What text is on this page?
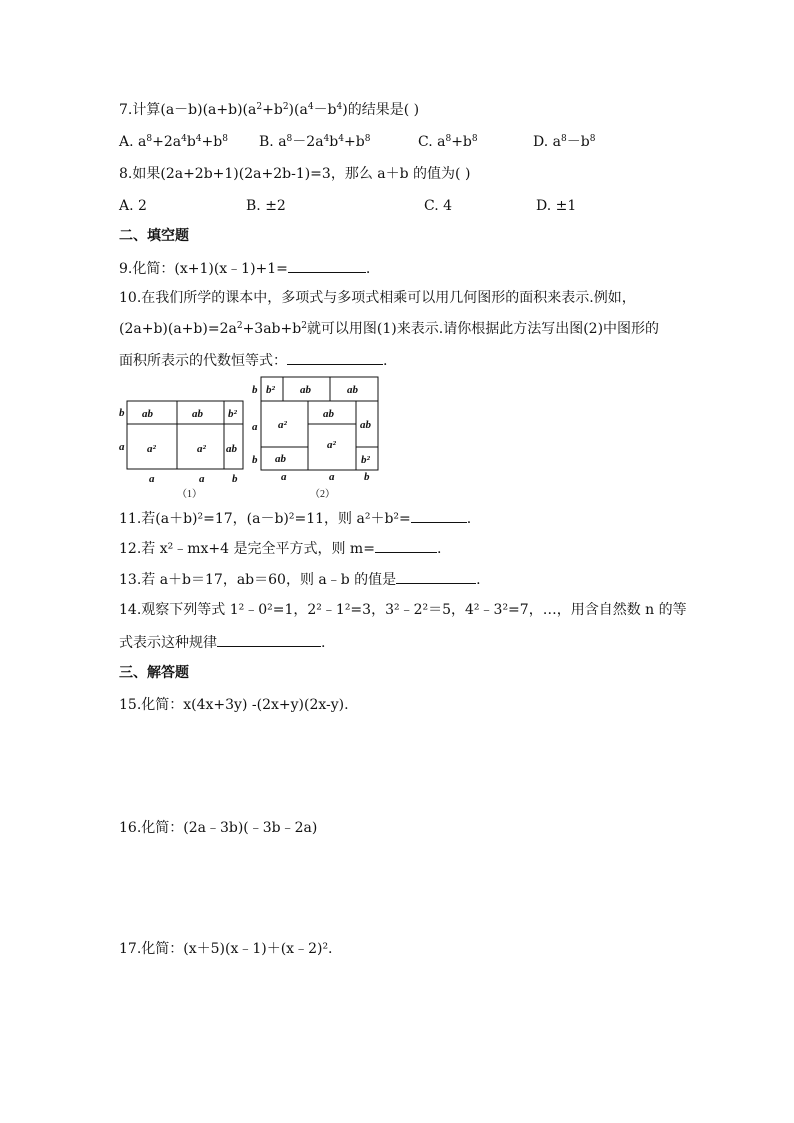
7.计算$(a-b)(a+b)(a^2+b^2)(a^4-b^4)$的结果是( )
A. $a^8+2a^4b^4+b^8$ B. $a^8-2a^4b^4+b^8$	C. $a^8+b^8$	D. $a^8-b^8$
8.如果(2a+2b+1)(2a+2b-1)=3，那么 a＋b 的值为( )
A. 2	B. ±2	C. 4	D. ±1
二、填空题
9.化简：(x+1)(x﹣1)+1=	.
10.在我们所学的课本中，多项式与多项式相乘可以用几何图形的面积来表示.例如，
$(2a+b)(a+b)=2a^2+3ab+b^2$就可以用图(1)来表示.请你根据此方法写出图(2)中图形的
面积所表示的代数恒等式：	.
ab	ab b²
a²	a² ab
b
a
a	a	b
（1）
b² ab	ab
a²
ab
ab
a²
ab
b²
b
a
b
a	a	b
（2）
11.若(a＋b)²=17，(a－b)²=11，则 a²＋b²=	.
12.若 x²﹣mx+4 是完全平方式，则 m=	.
13.若 a＋b＝17，ab＝60，则 a﹣b 的值是	.
14.观察下列等式 1²﹣0²=1，2²﹣1²=3，3²﹣2²＝5，4²﹣3²=7，…，用含自然数 n 的等
式表示这种规律	.
三、解答题
15.化简：x(4x+3y) -(2x+y)(2x-y).
16.化简：(2a﹣3b)(﹣3b﹣2a)
17.化简：(x＋5)(x﹣1)＋(x﹣2)².
